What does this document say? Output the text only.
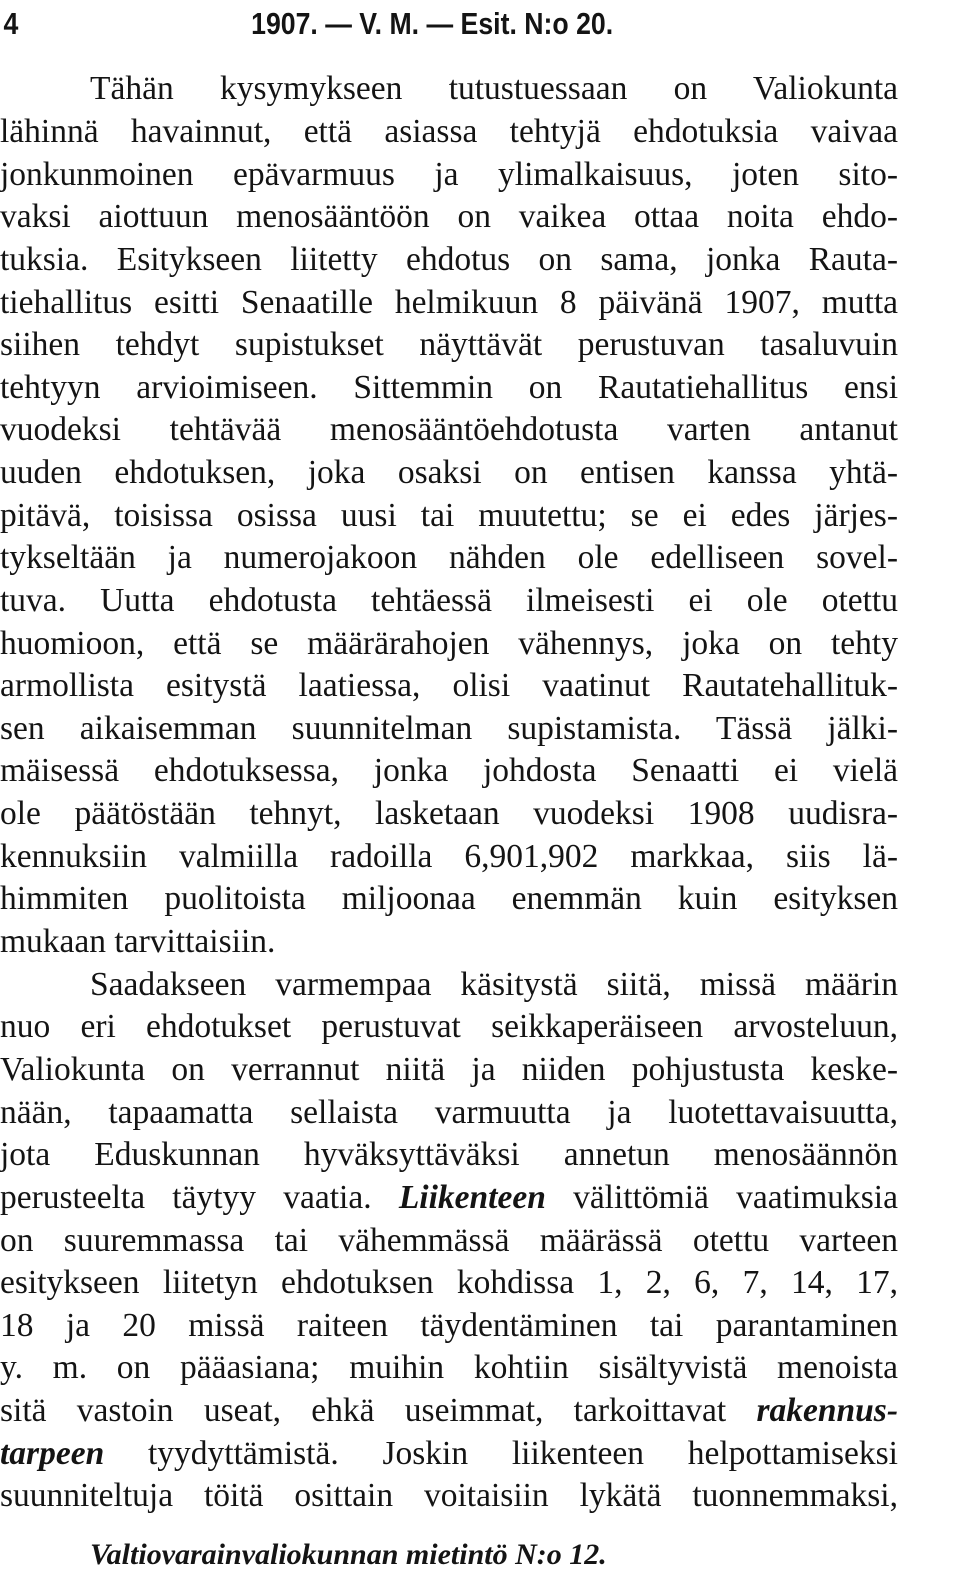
4	1907. — V. M. — Esit. N:o 20.
Tähän kysymykseen tutustuessaan on Valiokunta
lähinnä havainnut, että asiassa tehtyjä ehdotuksia vaivaa
jonkunmoinen epävarmuus ja ylimalkaisuus, joten sito-
vaksi aiottuun menosääntöön on vaikea ottaa noita ehdo-
tuksia. Esitykseen liitetty ehdotus on sama, jonka Rauta-
tiehallitus esitti Senaatille helmikuun 8 päivänä 1907, mutta
siihen tehdyt supistukset näyttävät perustuvan tasaluvuin
tehtyyn arvioimiseen. Sittemmin on Rautatiehallitus ensi
vuodeksi tehtävää menosääntöehdotusta varten antanut
uuden ehdotuksen, joka osaksi on entisen kanssa yhtä-
pitävä, toisissa osissa uusi tai muutettu; se ei edes järjes-
tykseltään ja numerojakoon nähden ole edelliseen sovel-
tuva. Uutta ehdotusta tehtäessä ilmeisesti ei ole otettu
huomioon, että se määrärahojen vähennys, joka on tehty
armollista esitystä laatiessa, olisi vaatinut Rautatehallituk-
sen aikaisemman suunnitelman supistamista. Tässä jälki-
mäisessä ehdotuksessa, jonka johdosta Senaatti ei vielä
ole päätöstään tehnyt, lasketaan vuodeksi 1908 uudisra-
kennuksiin valmiilla radoilla 6,901,902 markkaa, siis lä-
himmiten puolitoista miljoonaa enemmän kuin esityksen
mukaan tarvittaisiin.
Saadakseen varmempaa käsitystä siitä, missä määrin
nuo eri ehdotukset perustuvat seikkaperäiseen arvosteluun,
Valiokunta on verrannut niitä ja niiden pohjustusta keske-
nään, tapaamatta sellaista varmuutta ja luotettavaisuutta,
jota Eduskunnan hyväksyttäväksi annetun menosäännön
perusteelta täytyy vaatia. Liikenteen välittömiä vaatimuksia
on suuremmassa tai vähemmässä määrässä otettu varteen
esitykseen liitetyn ehdotuksen kohdissa 1, 2, 6, 7, 14, 17,
18 ja 20 missä raiteen täydentäminen tai parantaminen
y. m. on pääasiana; muihin kohtiin sisältyvistä menoista
sitä vastoin useat, ehkä useimmat, tarkoittavat rakennus-
tarpeen tyydyttämistä. Joskin liikenteen helpottamiseksi
suunniteltuja töitä osittain voitaisiin lykätä tuonnemmaksi,
Valtiovarainvaliokunnan mietintö N:o 12.
